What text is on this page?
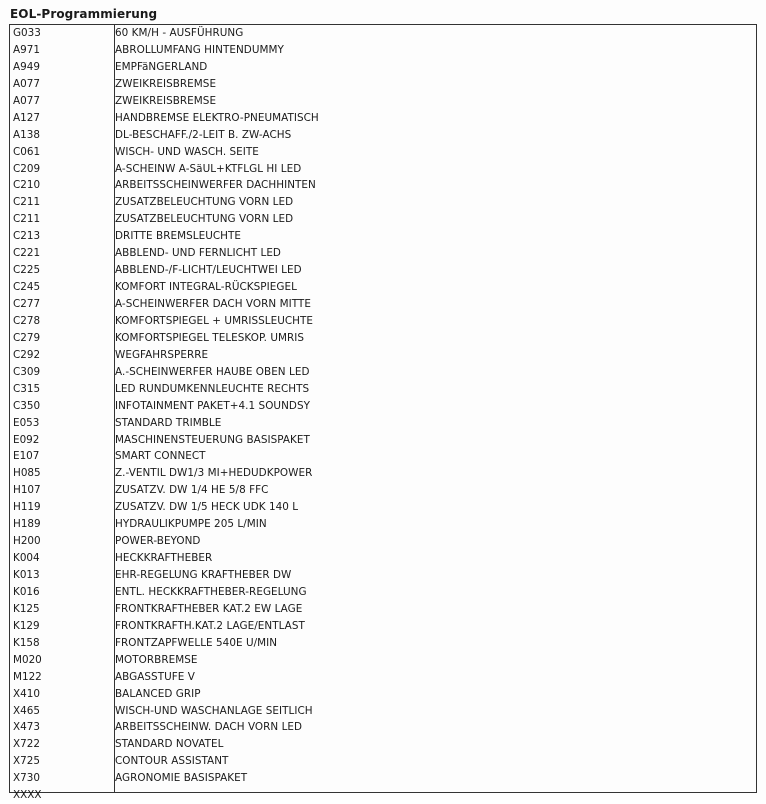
EOL-Programmierung
G033	60 KM/H - AUSFÜHRUNG
A971	ABROLLUMFANG HINTENDUMMY
A949	EMPFäNGERLAND
A077	ZWEIKREISBREMSE
A077	ZWEIKREISBREMSE
A127	HANDBREMSE ELEKTRO-PNEUMATISCH
A138	DL-BESCHAFF./2-LEIT B. ZW-ACHS
C061	WISCH- UND WASCH. SEITE
C209	A-SCHEINW A-SäUL+KTFLGL HI LED
C210	ARBEITSSCHEINWERFER DACHHINTEN
C211	ZUSATZBELEUCHTUNG VORN LED
C211	ZUSATZBELEUCHTUNG VORN LED
C213	DRITTE BREMSLEUCHTE
C221	ABBLEND- UND FERNLICHT LED
C225	ABBLEND-/F-LICHT/LEUCHTWEI LED
C245	KOMFORT INTEGRAL-RÜCKSPIEGEL
C277	A-SCHEINWERFER DACH VORN MITTE
C278	KOMFORTSPIEGEL + UMRISSLEUCHTE
C279	KOMFORTSPIEGEL TELESKOP. UMRIS
C292	WEGFAHRSPERRE
C309	A.-SCHEINWERFER HAUBE OBEN LED
C315	LED RUNDUMKENNLEUCHTE RECHTS
C350	INFOTAINMENT PAKET+4.1 SOUNDSY
E053	STANDARD TRIMBLE
E092	MASCHINENSTEUERUNG BASISPAKET
E107	SMART CONNECT
H085	Z.-VENTIL DW1/3 MI+HEDUDKPOWER
H107	ZUSATZV. DW 1/4 HE 5/8 FFC
H119	ZUSATZV. DW 1/5 HECK UDK 140 L
H189	HYDRAULIKPUMPE 205 L/MIN
H200	POWER-BEYOND
K004	HECKKRAFTHEBER
K013	EHR-REGELUNG KRAFTHEBER DW
K016	ENTL. HECKKRAFTHEBER-REGELUNG
K125	FRONTKRAFTHEBER KAT.2 EW LAGE
K129	FRONTKRAFTH.KAT.2 LAGE/ENTLAST
K158	FRONTZAPFWELLE 540E U/MIN
M020	MOTORBREMSE
M122	ABGASSTUFE V
X410	BALANCED GRIP
X465	WISCH-UND WASCHANLAGE SEITLICH
X473	ARBEITSSCHEINW. DACH VORN LED
X722	STANDARD NOVATEL
X725	CONTOUR ASSISTANT
X730	AGRONOMIE BASISPAKET
XXXX
